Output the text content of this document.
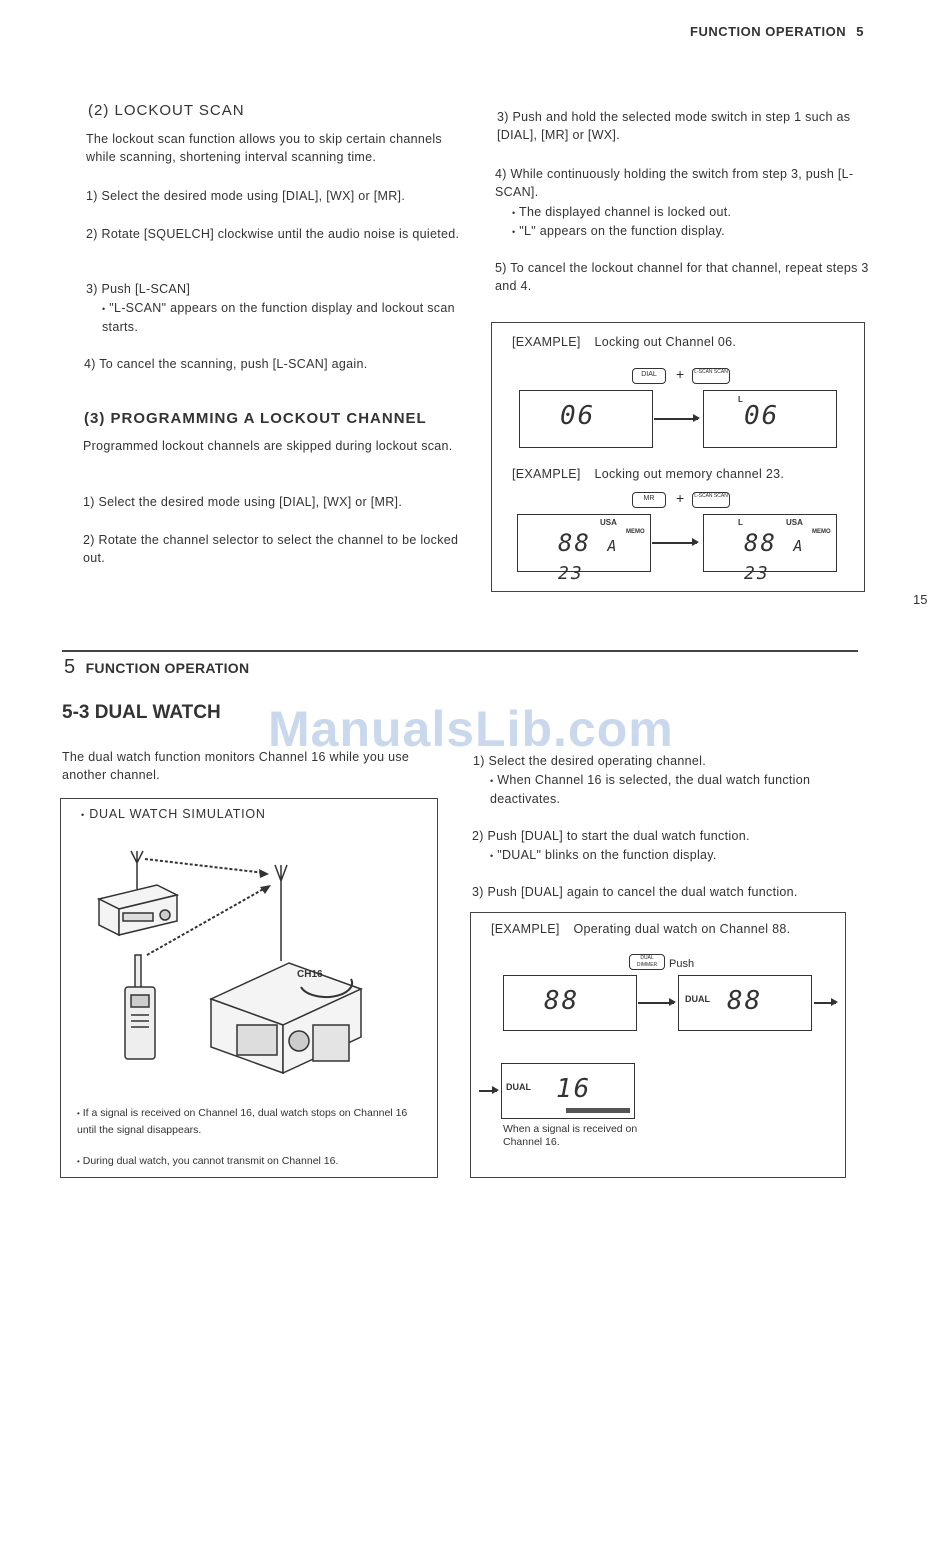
FUNCTION OPERATION 5
(2) LOCKOUT SCAN
The lockout scan function allows you to skip certain channels while scanning, shortening interval scanning time.
1) Select the desired mode using [DIAL], [WX] or [MR].
2) Rotate [SQUELCH] clockwise until the audio noise is quieted.
3) Push [L-SCAN]
• "L-SCAN" appears on the function display and lockout scan starts.
4) To cancel the scanning, push [L-SCAN] again.
(3) PROGRAMMING A LOCKOUT CHANNEL
Programmed lockout channels are skipped during lockout scan.
1) Select the desired mode using [DIAL], [WX] or [MR].
2) Rotate the channel selector to select the channel to be locked out.
3) Push and hold the selected mode switch in step 1 such as [DIAL], [MR] or [WX].
4) While continuously holding the switch from step 3, push [L-SCAN].
• The displayed channel is locked out.
• "L" appears on the function display.
5) To cancel the lockout channel for that channel, repeat steps 3 and 4.
[EXAMPLE] Locking out Channel 06.
DIAL	+	L-SCAN SCAN
06
L
06
[EXAMPLE] Locking out memory channel 23.
MR	+	L-SCAN SCAN
USA
MEMO
88 A 23
L	USA
MEMO
88 A 23
15
5 FUNCTION OPERATION
5-3 DUAL WATCH ManualsLib.com
The dual watch function monitors Channel 16 while you use another channel.
• DUAL WATCH SIMULATION
CH16
• If a signal is received on Channel 16, dual watch stops on Channel 16 until the signal disappears.
• During dual watch, you cannot transmit on Channel 16.
1) Select the desired operating channel.
• When Channel 16 is selected, the dual watch function deactivates.
2) Push [DUAL] to start the dual watch function.
• "DUAL" blinks on the function display.
3) Push [DUAL] again to cancel the dual watch function.
[EXAMPLE] Operating dual watch on Channel 88.
DUAL DIMMER	Push
88	DUAL 88
DUAL 16
When a signal is received on Channel 16.
